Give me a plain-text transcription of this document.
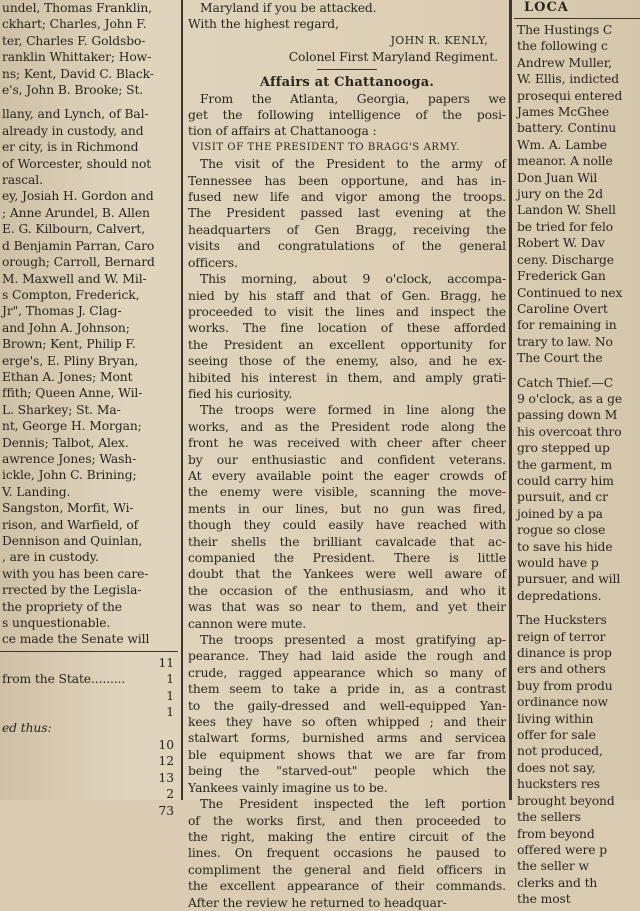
undel, Thomas Franklin,
ckhart; Charles, John F.
ter, Charles F. Goldsbo-
ranklin Whittaker; How-
ns; Kent, David C. Black-
e's, John B. Brooke; St.
llany, and Lynch, of Bal-
already in custody, and
er city, is in Richmond
of Worcester, should not
rascal.
ey, Josiah H. Gordon and
; Anne Arundel, B. Allen
E. G. Kilbourn, Calvert,
d Benjamin Parran, Caro
orough; Carroll, Bernard
M. Maxwell and W. Mil-
s Compton, Frederick,
Jr", Thomas J. Clag-
and John A. Johnson;
Brown; Kent, Philip F.
erge's, E. Pliny Bryan,
Ethan A. Jones; Mont
ffith; Queen Anne, Wil-
L. Sharkey; St. Ma-
nt, George H. Morgan;
Dennis; Talbot, Alex.
awrence Jones; Wash-
ickle, John C. Brining;
V. Landing.
Sangston, Morfit, Wi-
rison, and Warfield, of
Dennison and Quinlan,
, are in custody.
with you has been care-
rrected by the Legisla-
the propriety of the
s unquestionable.
ce made the Senate will
11
from the State.........	1
1
1
ed thus:
10
12
13
2
73
Maryland if you be attacked.
With the highest regard,
JOHN R. KENLY,
Colonel First Maryland Regiment.
Affairs at Chattanooga.
From the Atlanta, Georgia, papers we
get the following intelligence of the posi-
tion of affairs at Chattanooga :
VISIT OF THE PRESIDENT TO BRAGG'S ARMY.
The visit of the President to the army of
Tennessee has been opportune, and has in-
fused new life and vigor among the troops.
The President passed last evening at the
headquarters of Gen Bragg, receiving the
visits and congratulations of the general
officers.
This morning, about 9 o'clock, accompa-
nied by his staff and that of Gen. Bragg, he
proceeded to visit the lines and inspect the
works. The fine location of these afforded
the President an excellent opportunity for
seeing those of the enemy, also, and he ex-
hibited his interest in them, and amply grati-
fied his curiosity.
The troops were formed in line along the
works, and as the President rode along the
front he was received with cheer after cheer
by our enthusiastic and confident veterans.
At every available point the eager crowds of
the enemy were visible, scanning the move-
ments in our lines, but no gun was fired,
though they could easily have reached with
their shells the brilliant cavalcade that ac-
companied the President. There is little
doubt that the Yankees were well aware of
the occasion of the enthusiasm, and who it
was that was so near to them, and yet their
cannon were mute.
The troops presented a most gratifying ap-
pearance. They had laid aside the rough and
crude, ragged appearance which so many of
them seem to take a pride in, as a contrast
to the gaily-dressed and well-equipped Yan-
kees they have so often whipped ; and their
stalwart forms, burnished arms and servicea
ble equipment shows that we are far from
being the "starved-out" people which the
Yankees vainly imagine us to be.
The President inspected the left portion
of the works first, and then proceeded to
the right, making the entire circuit of the
lines. On frequent occasions he paused to
compliment the general and field officers in
the excellent appearance of their commands.
After the review he returned to headquar-
LOCA
The Hustings C
the following c
Andrew Muller,
W. Ellis, indicted
prosequi entered
James McGhee
battery. Continu
Wm. A. Lambe
meanor. A nolle
Don Juan Wil
jury on the 2d
Landon W. Shell
be tried for felo
Robert W. Dav
ceny. Discharge
Frederick Gan
Continued to nex
Caroline Overt
for remaining in
trary to law. No
The Court the
Catch Thief.—C
9 o'clock, as a ge
passing down M
his overcoat thro
gro stepped up
the garment, m
could carry him
pursuit, and cr
joined by a pa
rogue so close
to save his hide
would have p
pursuer, and will
depredations.
The Hucksters
reign of terror
dinance is prop
ers and others
buy from produ
ordinance now
living within
offer for sale
not produced,
does not say,
hucksters res
brought beyond
the sellers
from beyond
offered were p
the seller w
clerks and th
the most
